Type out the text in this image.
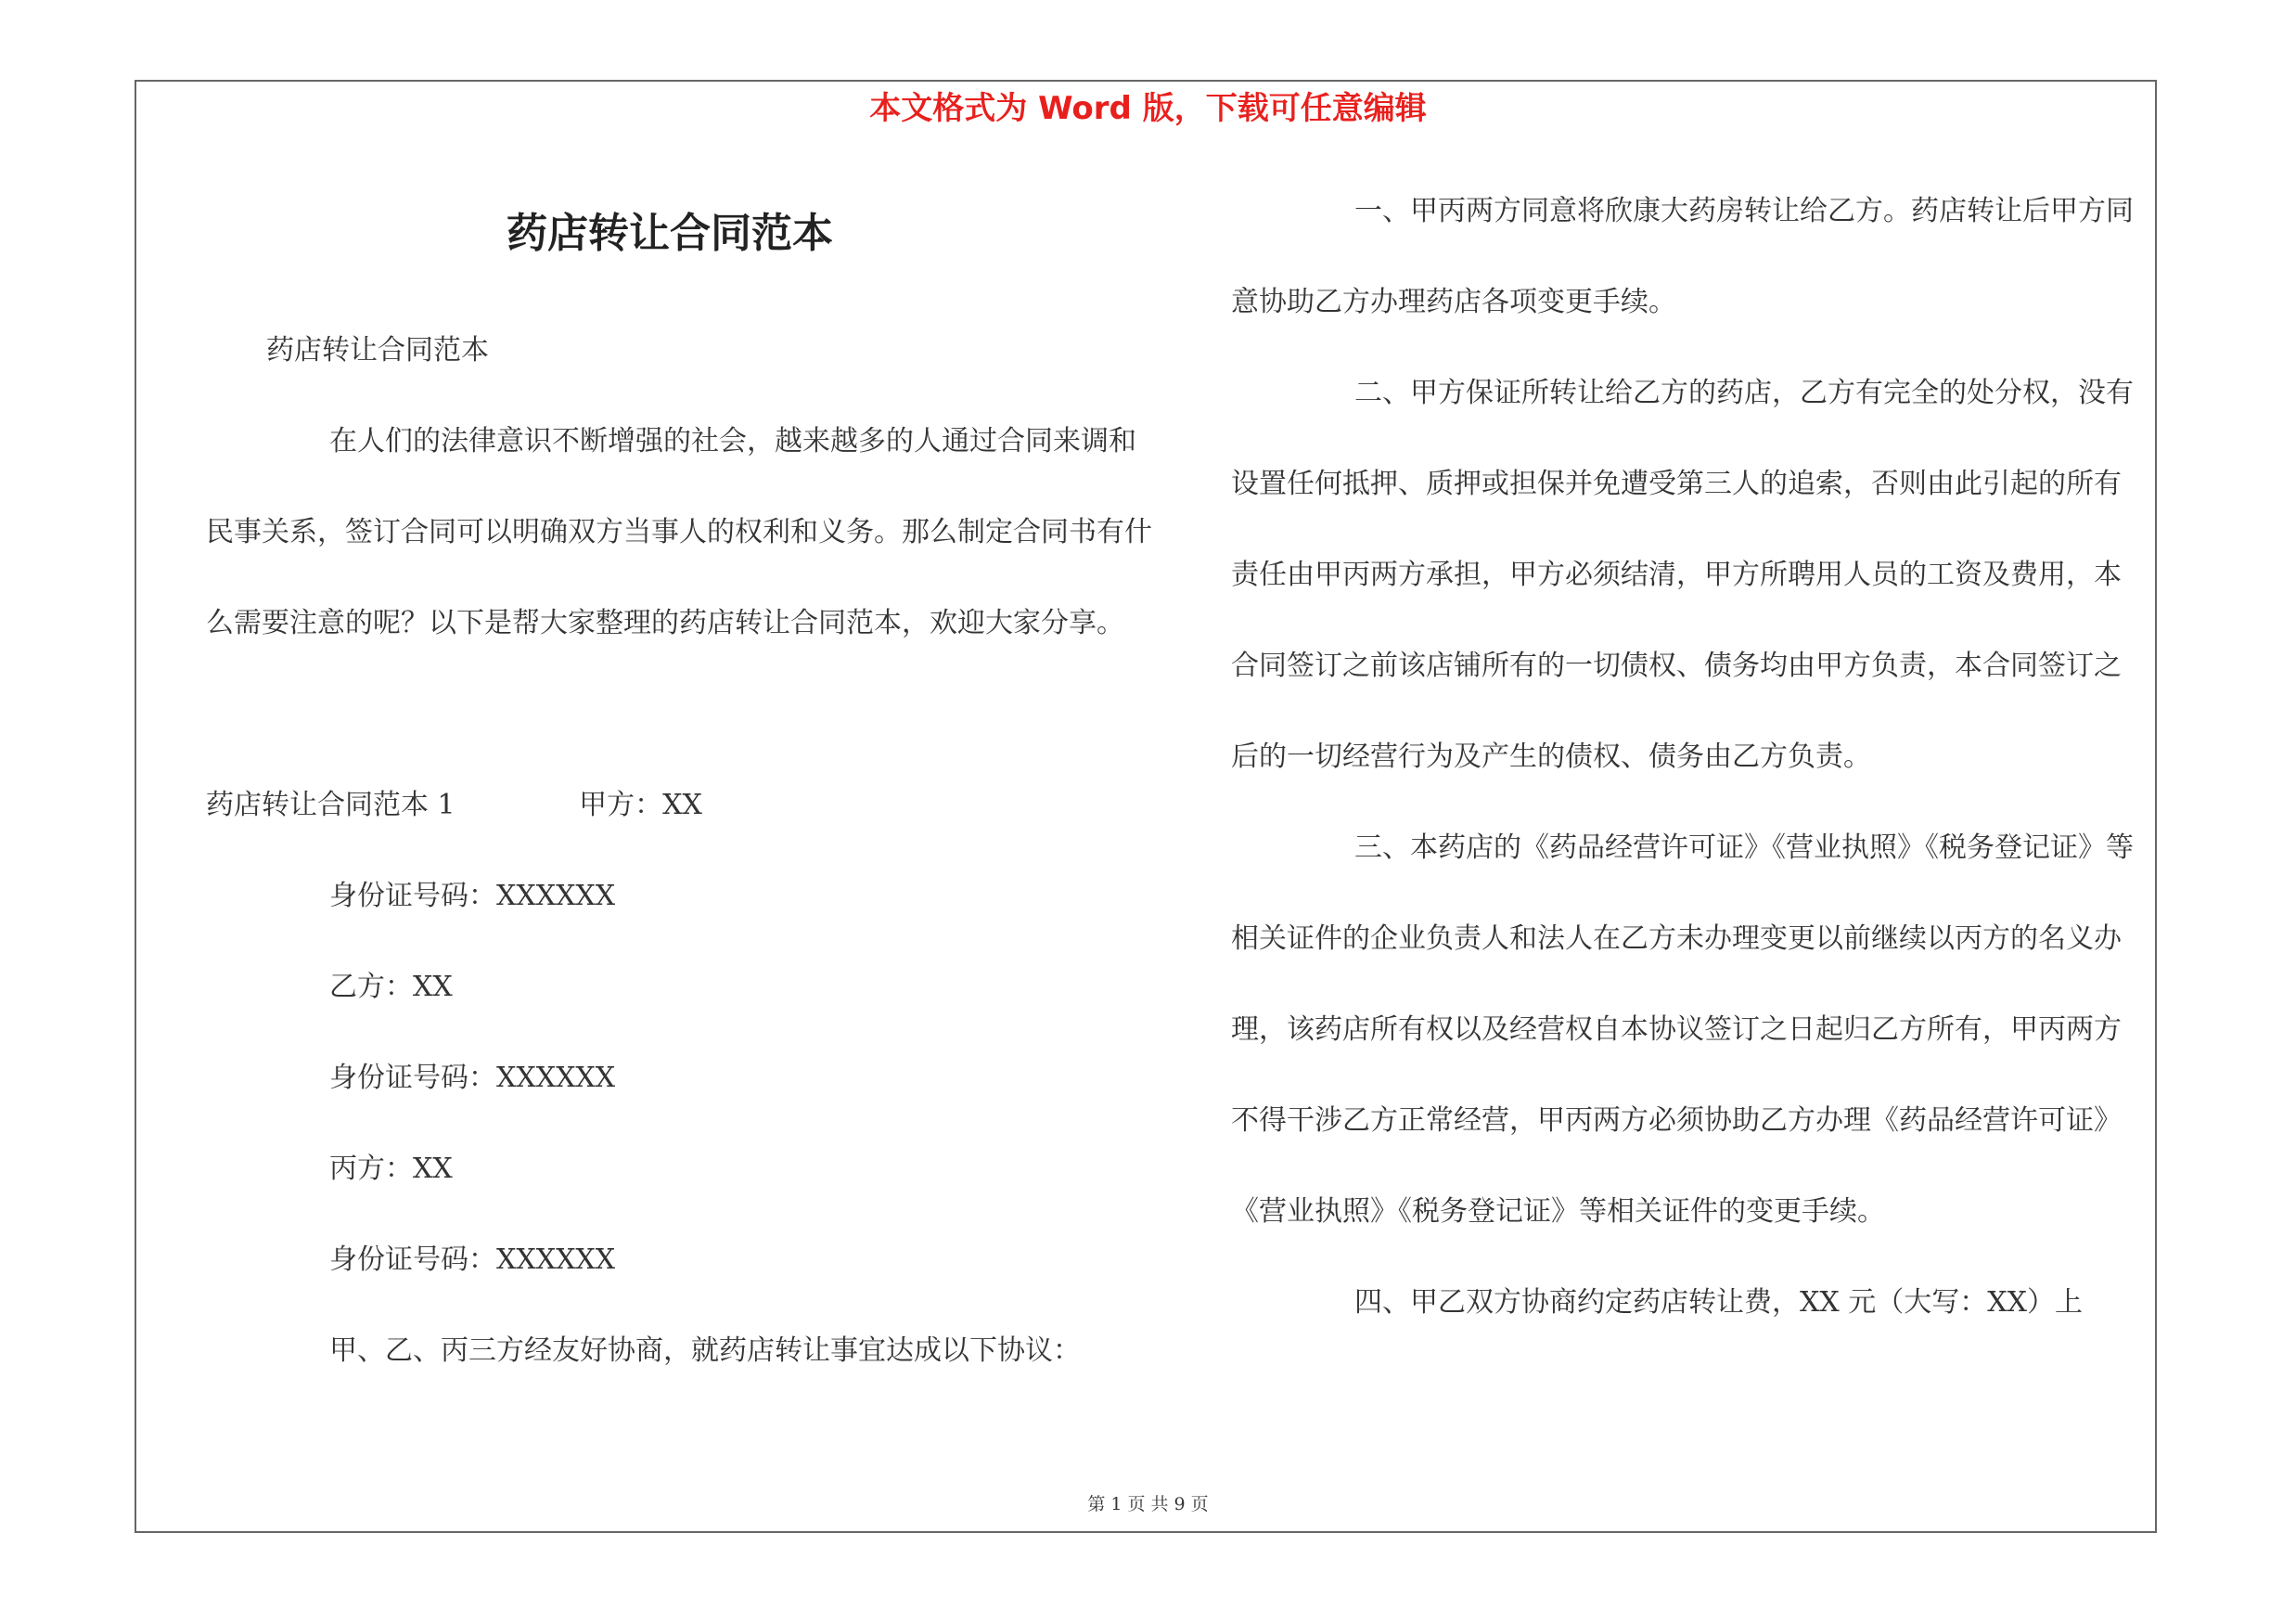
本文格式为 Word 版，下载可任意编辑
药店转让合同范本

药店转让合同范本

在人们的法律意识不断增强的社会，越来越多的人通过合同来调和民事关系，签订合同可以明确双方当事人的权利和义务。那么制定合同书有什么需要注意的呢？以下是帮大家整理的药店转让合同范本，欢迎大家分享。

药店转让合同范本 1              甲方：XX

身份证号码：XXXXXX

乙方：XX

身份证号码：XXXXXX

丙方：XX

身份证号码：XXXXXX

甲、乙、丙三方经友好协商，就药店转让事宜达成以下协议：

一、甲丙两方同意将欣康大药房转让给乙方。药店转让后甲方同意协助乙方办理药店各项变更手续。

二、甲方保证所转让给乙方的药店，乙方有完全的处分权，没有设置任何抵押、质押或担保并免遭受第三人的追索，否则由此引起的所有责任由甲丙两方承担，甲方必须结清，甲方所聘用人员的工资及费用，本合同签订之前该店铺所有的一切债权、债务均由甲方负责，本合同签订之后的一切经营行为及产生的债权、债务由乙方负责。

三、本药店的《药品经营许可证》《营业执照》《税务登记证》等相关证件的企业负责人和法人在乙方未办理变更以前继续以丙方的名义办理，该药店所有权以及经营权自本协议签订之日起归乙方所有，甲丙两方不得干涉乙方正常经营，甲丙两方必须协助乙方办理《药品经营许可证》《营业执照》《税务登记证》等相关证件的变更手续。

四、甲乙双方协商约定药店转让费，XX 元（大写：XX）上

第 1 页 共 9 页
